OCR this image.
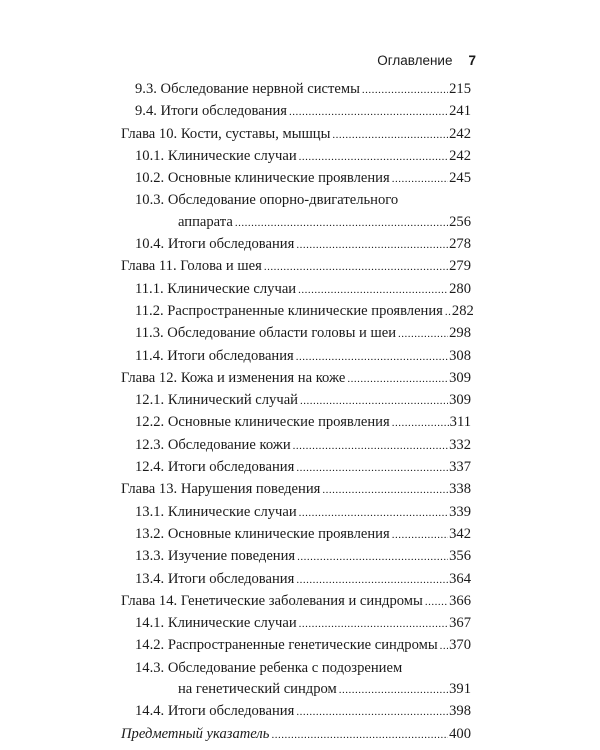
Оглавление 7
9.3. Обследование нервной системы .....	215
9.4. Итоги обследования .....	241
Глава 10. Кости, суставы, мышцы .....	242
10.1. Клинические случаи .....	242
10.2. Основные клинические проявления .....	245
10.3. Обследование опорно-двигательного
аппарата .....	256
10.4. Итоги обследования .....	278
Глава 11. Голова и шея .....	279
11.1. Клинические случаи .....	280
11.2. Распространенные клинические проявления ..... 282
11.3. Обследование области головы и шеи .....	298
11.4. Итоги обследования .....	308
Глава 12. Кожа и изменения на коже .....	309
12.1. Клинический случай .....	309
12.2. Основные клинические проявления .....	311
12.3. Обследование кожи .....	332
12.4. Итоги обследования .....	337
Глава 13. Нарушения поведения .....	338
13.1. Клинические случаи .....	339
13.2. Основные клинические проявления .....	342
13.3. Изучение поведения .....	356
13.4. Итоги обследования .....	364
Глава 14. Генетические заболевания и синдромы ..... 366
14.1. Клинические случаи .....	367
14.2. Распространенные генетические синдромы ..... 370
14.3. Обследование ребенка с подозрением
на генетический синдром .....	391
14.4. Итоги обследования .....	398
Предметный указатель .....	400
